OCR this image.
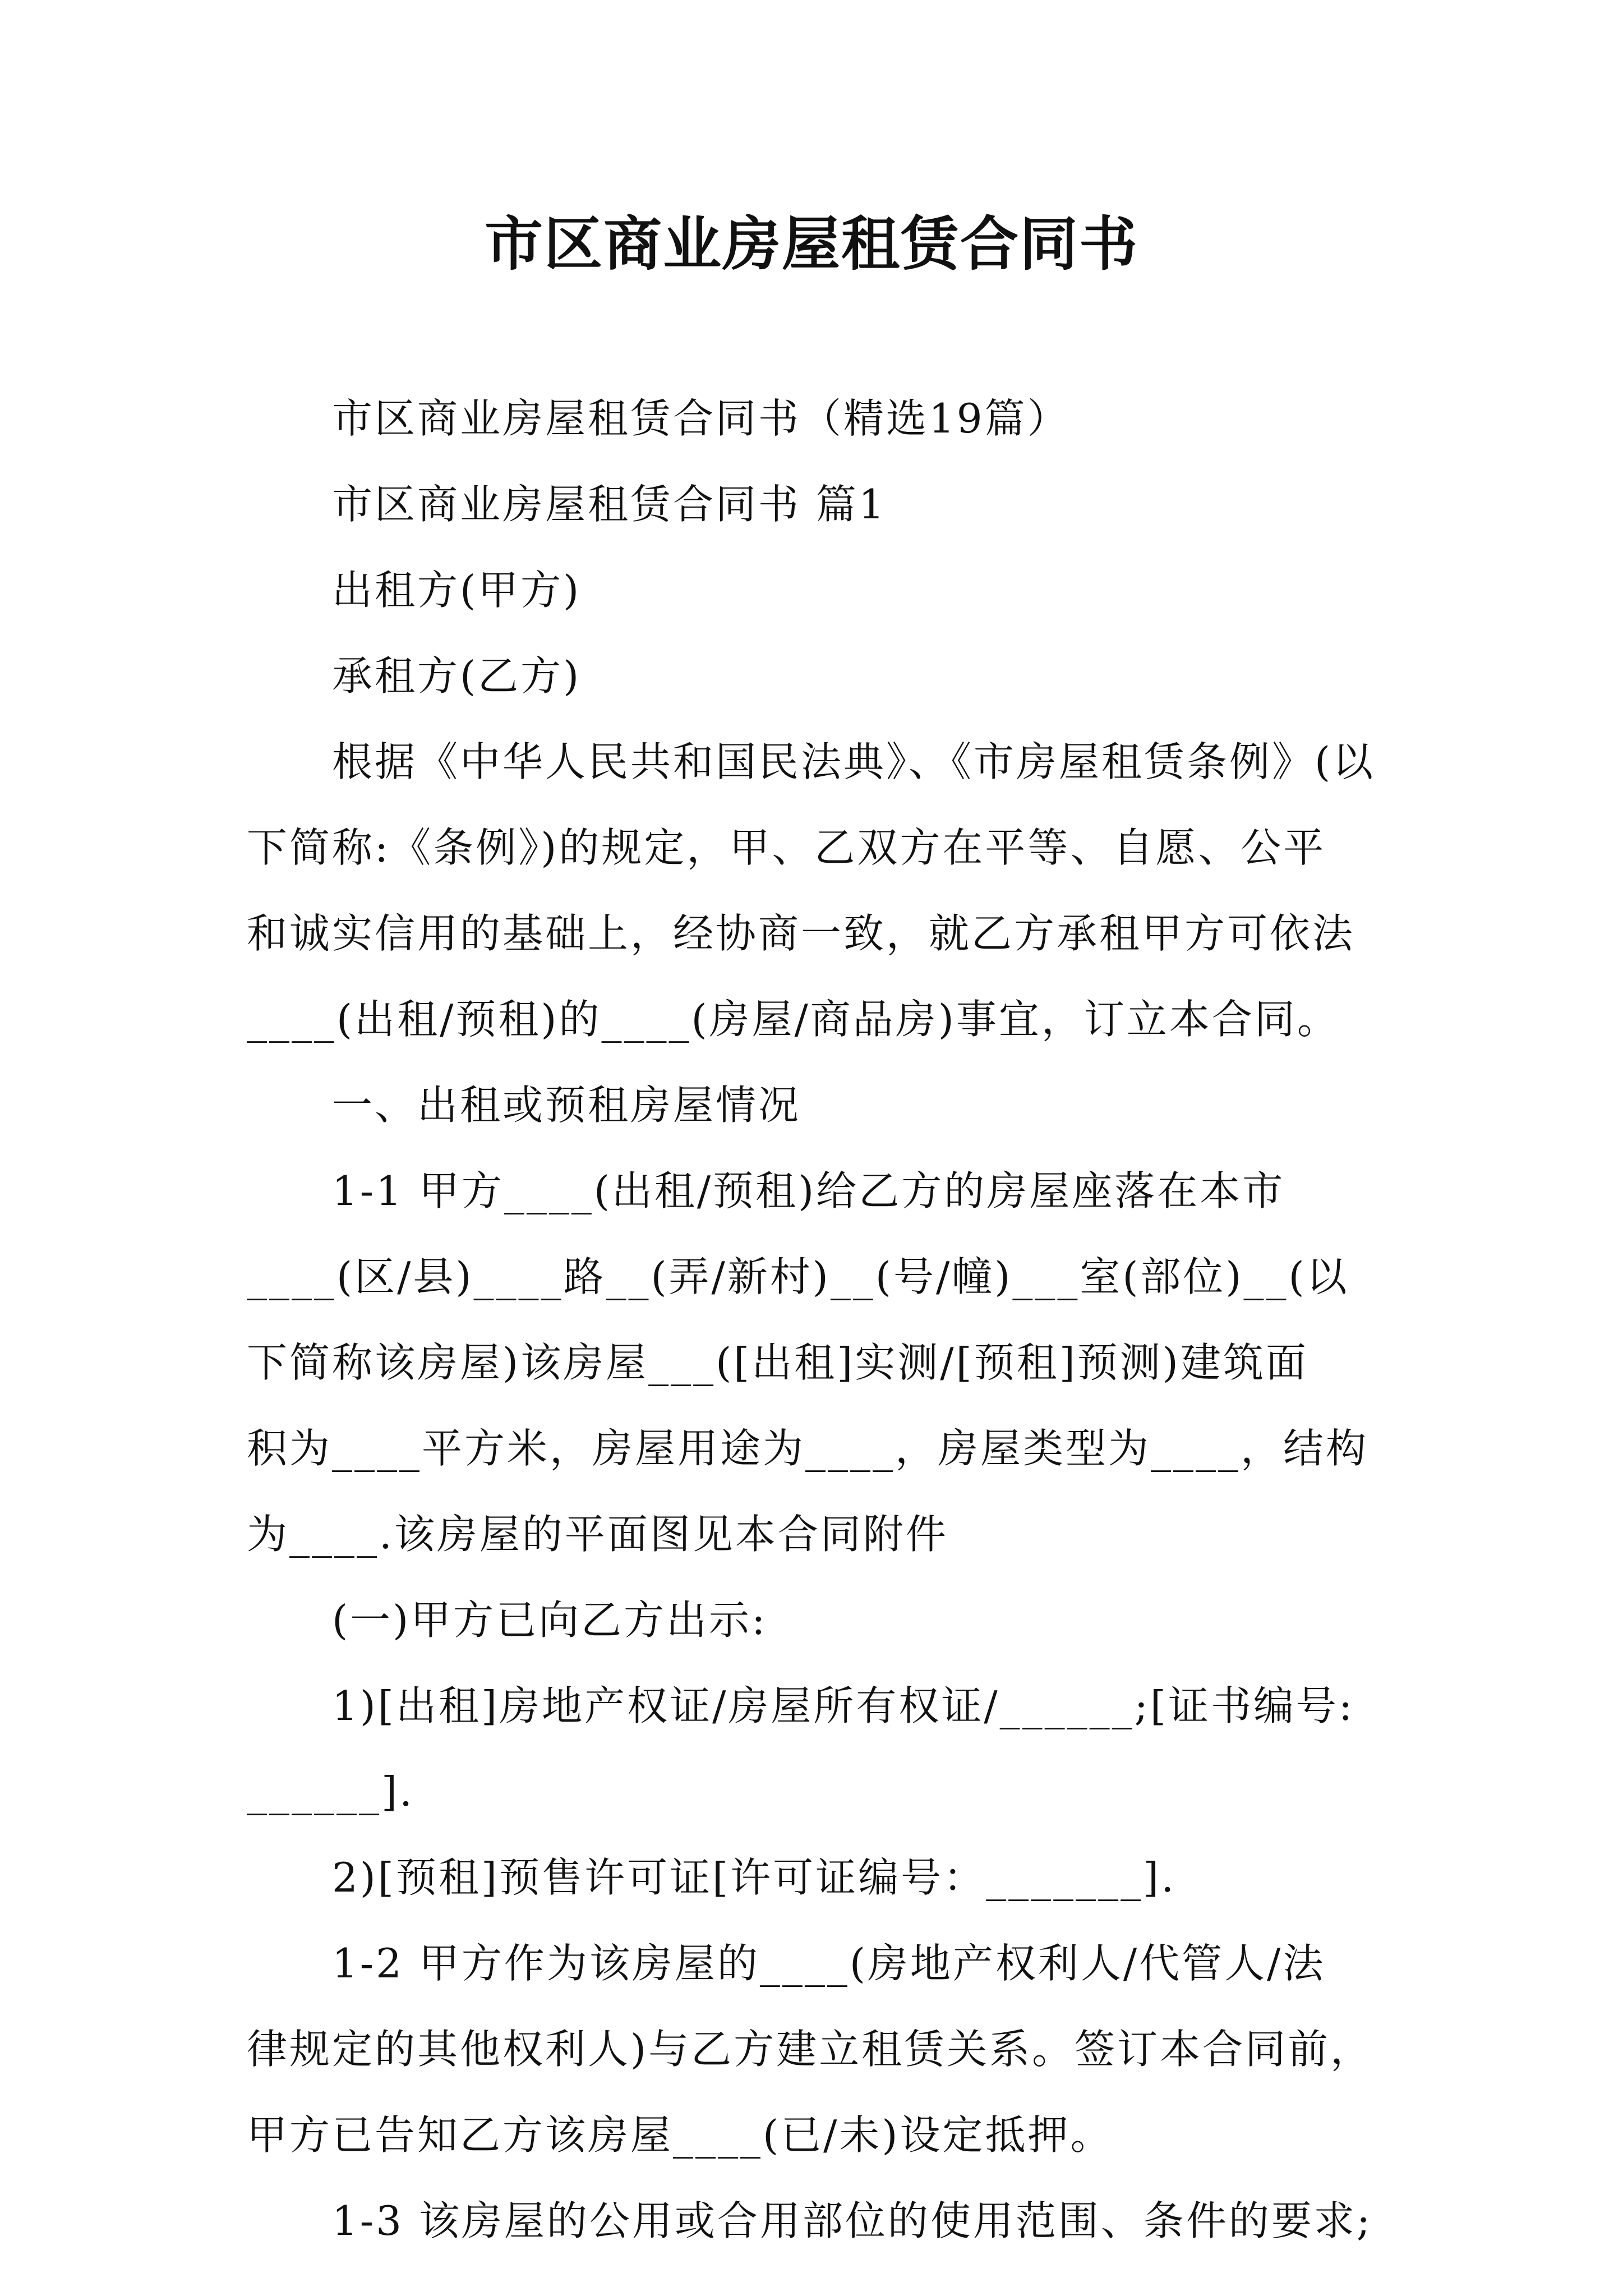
市区商业房屋租赁合同书

市区商业房屋租赁合同书（精选19篇）

市区商业房屋租赁合同书 篇1

出租方(甲方)

承租方(乙方)

根据《中华人民共和国民法典》、《市房屋租赁条例》(以

下简称:《条例》)的规定，甲、乙双方在平等、自愿、公平

和诚实信用的基础上，经协商一致，就乙方承租甲方可依法

____(出租/预租)的____(房屋/商品房)事宜，订立本合同。

一、出租或预租房屋情况

1-1 甲方____(出租/预租)给乙方的房屋座落在本市

____(区/县)____路__(弄/新村)__(号/幢)___室(部位)__(以

下简称该房屋)该房屋___([出租]实测/[预租]预测)建筑面

积为____平方米，房屋用途为____，房屋类型为____，结构

为____.该房屋的平面图见本合同附件

(一)甲方已向乙方出示:

1)[出租]房地产权证/房屋所有权证/______;[证书编号:

______].

2)[预租]预售许可证[许可证编号：_______].

1-2 甲方作为该房屋的____(房地产权利人/代管人/法

律规定的其他权利人)与乙方建立租赁关系。签订本合同前，

甲方已告知乙方该房屋____(已/未)设定抵押。

1-3 该房屋的公用或合用部位的使用范围、条件的要求;
